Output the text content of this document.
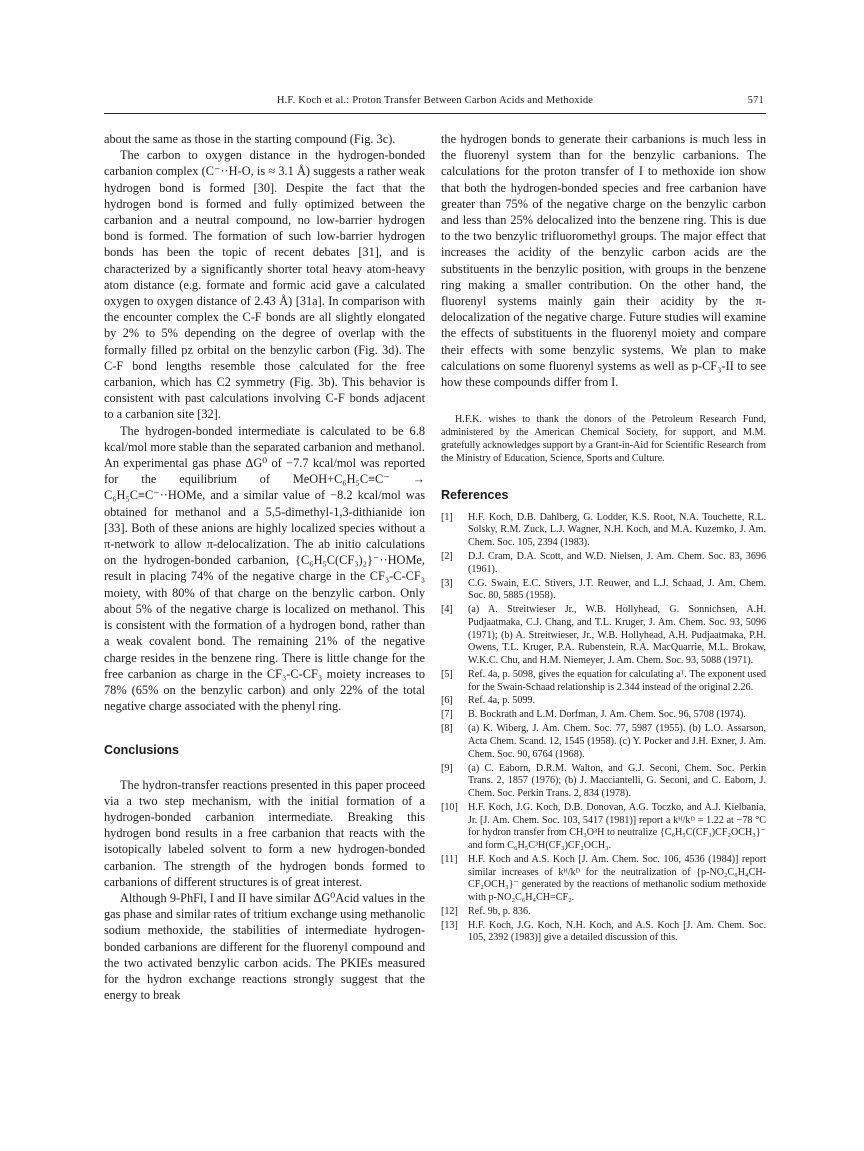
H.F. Koch et al.: Proton Transfer Between Carbon Acids and Methoxide	571

about the same as those in the starting compound (Fig. 3c).

The carbon to oxygen distance in the hydrogen-bonded carbanion complex (C⁻··H-O, is ≈ 3.1 Å) suggests a rather weak hydrogen bond is formed [30]. Despite the fact that the hydrogen bond is formed and fully optimized between the carbanion and a neutral compound, no low-barrier hydrogen bond is formed. The formation of such low-barrier hydrogen bonds has been the topic of recent debates [31], and is characterized by a significantly shorter total heavy atom-heavy atom distance (e.g. formate and formic acid gave a calculated oxygen to oxygen distance of 2.43 Å) [31a]. In comparison with the encounter complex the C-F bonds are all slightly elongated by 2% to 5% depending on the degree of overlap with the formally filled pz orbital on the benzylic carbon (Fig. 3d). The C-F bond lengths resemble those calculated for the free carbanion, which has C2 symmetry (Fig. 3b). This behavior is consistent with past calculations involving C-F bonds adjacent to a carbanion site [32].

The hydrogen-bonded intermediate is calculated to be 6.8 kcal/mol more stable than the separated carbanion and methanol. An experimental gas phase ΔG⁰ of −7.7 kcal/mol was reported for the equilibrium of MeOH+C₆H₅C≡C⁻ → C₆H₅C≡C⁻··HOMe, and a similar value of −8.2 kcal/mol was obtained for methanol and a 5,5-dimethyl-1,3-dithianide ion [33]. Both of these anions are highly localized species without a π-network to allow π-delocalization. The ab initio calculations on the hydrogen-bonded carbanion, {C₆H₅C(CF₃)₂}⁻··HOMe, result in placing 74% of the negative charge in the CF₃-C-CF₃ moiety, with 80% of that charge on the benzylic carbon. Only about 5% of the negative charge is localized on methanol. This is consistent with the formation of a hydrogen bond, rather than a weak covalent bond. The remaining 21% of the negative charge resides in the benzene ring. There is little change for the free carbanion as charge in the CF₃-C-CF₃ moiety increases to 78% (65% on the benzylic carbon) and only 22% of the total negative charge associated with the phenyl ring.

Conclusions

The hydron-transfer reactions presented in this paper proceed via a two step mechanism, with the initial formation of a hydrogen-bonded carbanion intermediate. Breaking this hydrogen bond results in a free carbanion that reacts with the isotopically labeled solvent to form a new hydrogen-bonded carbanion. The strength of the hydrogen bonds formed to carbanions of different structures is of great interest.

Although 9-PhFl, I and II have similar ΔG⁰Acid values in the gas phase and similar rates of tritium exchange using methanolic sodium methoxide, the stabilities of intermediate hydrogen-bonded carbanions are different for the fluorenyl compound and the two activated benzylic carbon acids. The PKIEs measured for the hydron exchange reactions strongly suggest that the energy to break

the hydrogen bonds to generate their carbanions is much less in the fluorenyl system than for the benzylic carbanions. The calculations for the proton transfer of I to methoxide ion show that both the hydrogen-bonded species and free carbanion have greater than 75% of the negative charge on the benzylic carbon and less than 25% delocalized into the benzene ring. This is due to the two benzylic trifluoromethyl groups. The major effect that increases the acidity of the benzylic carbon acids are the substituents in the benzylic position, with groups in the benzene ring making a smaller contribution. On the other hand, the fluorenyl systems mainly gain their acidity by the π-delocalization of the negative charge. Future studies will examine the effects of substituents in the fluorenyl moiety and compare their effects with some benzylic systems. We plan to make calculations on some fluorenyl systems as well as p-CF₃-II to see how these compounds differ from I.

H.F.K. wishes to thank the donors of the Petroleum Research Fund, administered by the American Chemical Society, for support, and M.M. gratefully acknowledges support by a Grant-in-Aid for Scientific Research from the Ministry of Education, Science, Sports and Culture.

References
[1] H.F. Koch, D.B. Dahlberg, G. Lodder, K.S. Root, N.A. Touchette, R.L. Solsky, R.M. Zuck, L.J. Wagner, N.H. Koch, and M.A. Kuzemko, J. Am. Chem. Soc. 105, 2394 (1983).
[2] D.J. Cram, D.A. Scott, and W.D. Nielsen, J. Am. Chem. Soc. 83, 3696 (1961).
[3] C.G. Swain, E.C. Stivers, J.T. Reuwer, and L.J. Schaad, J. Am. Chem. Soc. 80, 5885 (1958).
[4] (a) A. Streitwieser Jr., W.B. Hollyhead, G. Sonnichsen, A.H. Pudjaatmaka, C.J. Chang, and T.L. Kruger, J. Am. Chem. Soc. 93, 5096 (1971); (b) A. Streitwieser, Jr., W.B. Hollyhead, A.H. Pudjaatmaka, P.H. Owens, T.L. Kruger, P.A. Rubenstein, R.A. MacQuarrie, M.L. Brokaw, W.K.C. Chu, and H.M. Niemeyer, J. Am. Chem. Soc. 93, 5088 (1971).
[5] Ref. 4a, p. 5098, gives the equation for calculating aᵀ. The exponent used for the Swain-Schaad relationship is 2.344 instead of the original 2.26.
[6] Ref. 4a, p. 5099.
[7] B. Bockrath and L.M. Dorfman, J. Am. Chem. Soc. 96, 5708 (1974).
[8] (a) K. Wiberg, J. Am. Chem. Soc. 77, 5987 (1955). (b) L.O. Assarson, Acta Chem. Scand. 12, 1545 (1958). (c) Y. Pocker and J.H. Exner, J. Am. Chem. Soc. 90, 6764 (1968).
[9] (a) C. Eaborn, D.R.M. Walton, and G.J. Seconi, Chem. Soc. Perkin Trans. 2, 1857 (1976); (b) J. Macciantelli, G. Seconi, and C. Eaborn, J. Chem. Soc. Perkin Trans. 2, 834 (1978).
[10] H.F. Koch, J.G. Koch, D.B. Donovan, A.G. Toczko, and A.J. Kielbania, Jr. [J. Am. Chem. Soc. 103, 5417 (1981)] report a kᴴ/kᴰ = 1.22 at −78 °C for hydron transfer from CH₃O³H to neutralize {C₆H₅C(CF₃)CF₂OCH₃}⁻ and form C₆H₅C³H(CF₃)CF₂OCH₃.
[11] H.F. Koch and A.S. Koch [J. Am. Chem. Soc. 106, 4536 (1984)] report similar increases of kᴴ/kᴰ for the neutralization of {p-NO₂C₆H₄CH-CF₂OCH₃}⁻ generated by the reactions of methanolic sodium methoxide with p-NO₂C₆H₄CH=CF₂.
[12] Ref. 9b, p. 836.
[13] H.F. Koch, J.G. Koch, N.H. Koch, and A.S. Koch [J. Am. Chem. Soc. 105, 2392 (1983)] give a detailed discussion of this.
